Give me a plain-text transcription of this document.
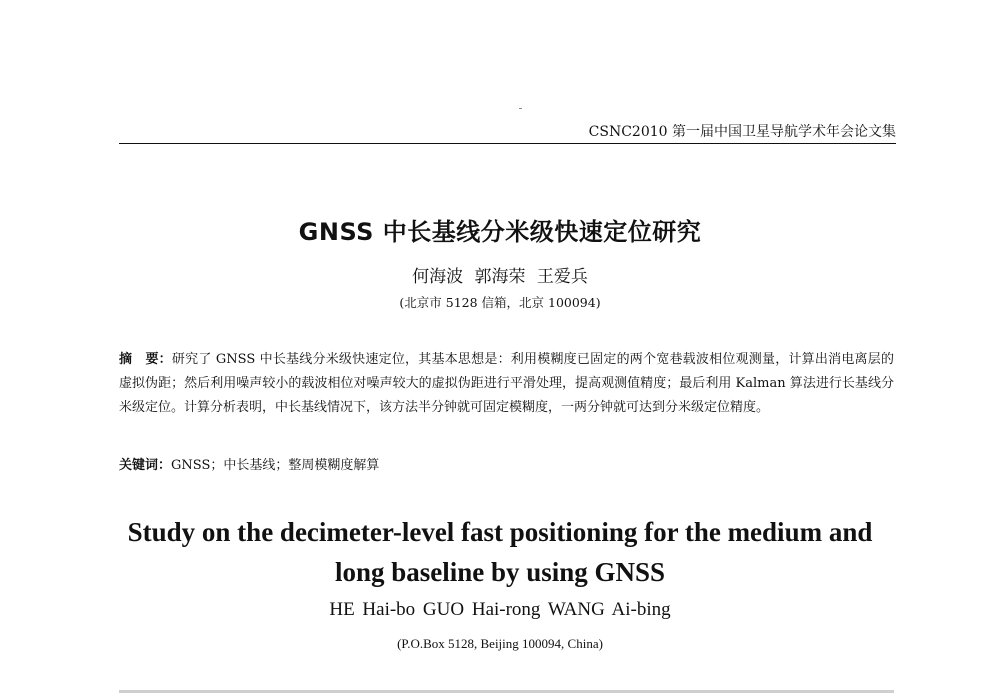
CSNC2010 第一届中国卫星导航学术年会论文集
GNSS 中长基线分米级快速定位研究
何海波 郭海荣 王爱兵
(北京市 5128 信箱，北京 100094)
摘　要：研究了 GNSS 中长基线分米级快速定位，其基本思想是：利用模糊度已固定的两个宽巷载波相位观测量，计算出消电离层的虚拟伪距；然后利用噪声较小的载波相位对噪声较大的虚拟伪距进行平滑处理，提高观测值精度；最后利用 Kalman 算法进行长基线分米级定位。计算分析表明，中长基线情况下，该方法半分钟就可固定模糊度，一两分钟就可达到分米级定位精度。
关键词：GNSS；中长基线；整周模糊度解算
Study on the decimeter-level fast positioning for the medium and
long baseline by using GNSS
HE Hai-bo GUO Hai-rong WANG Ai-bing
(P.O.Box 5128, Beijing 100094, China)
